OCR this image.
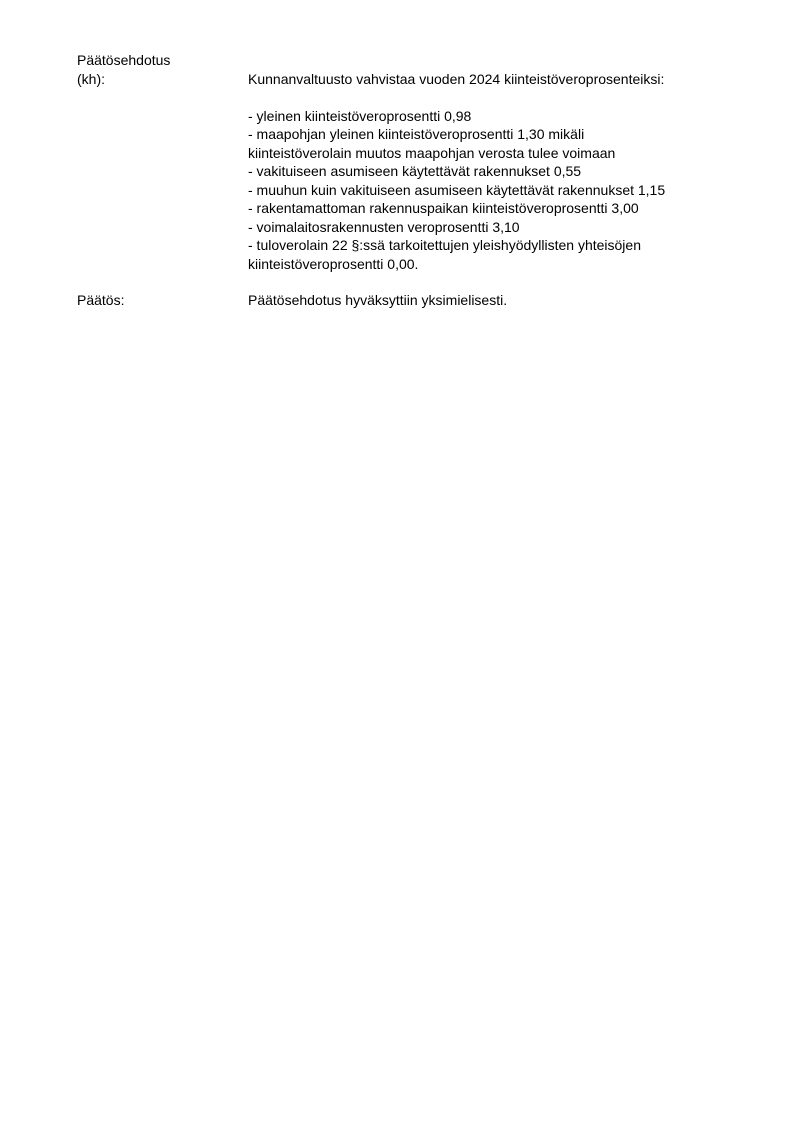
Päätösehdotus
(kh):	Kunnanvaltuusto vahvistaa vuoden 2024 kiinteistöveroprosenteiksi:
- yleinen kiinteistöveroprosentti 0,98
- maapohjan yleinen kiinteistöveroprosentti 1,30 mikäli
kiinteistöverolain muutos maapohjan verosta tulee voimaan
- vakituiseen asumiseen käytettävät rakennukset 0,55
- muuhun kuin vakituiseen asumiseen käytettävät rakennukset 1,15
- rakentamattoman rakennuspaikan kiinteistöveroprosentti 3,00
- voimalaitosrakennusten veroprosentti 3,10
- tuloverolain 22 §:ssä tarkoitettujen yleishyödyllisten yhteisöjen
kiinteistöveroprosentti 0,00.
Päätös:	Päätösehdotus hyväksyttiin yksimielisesti.
